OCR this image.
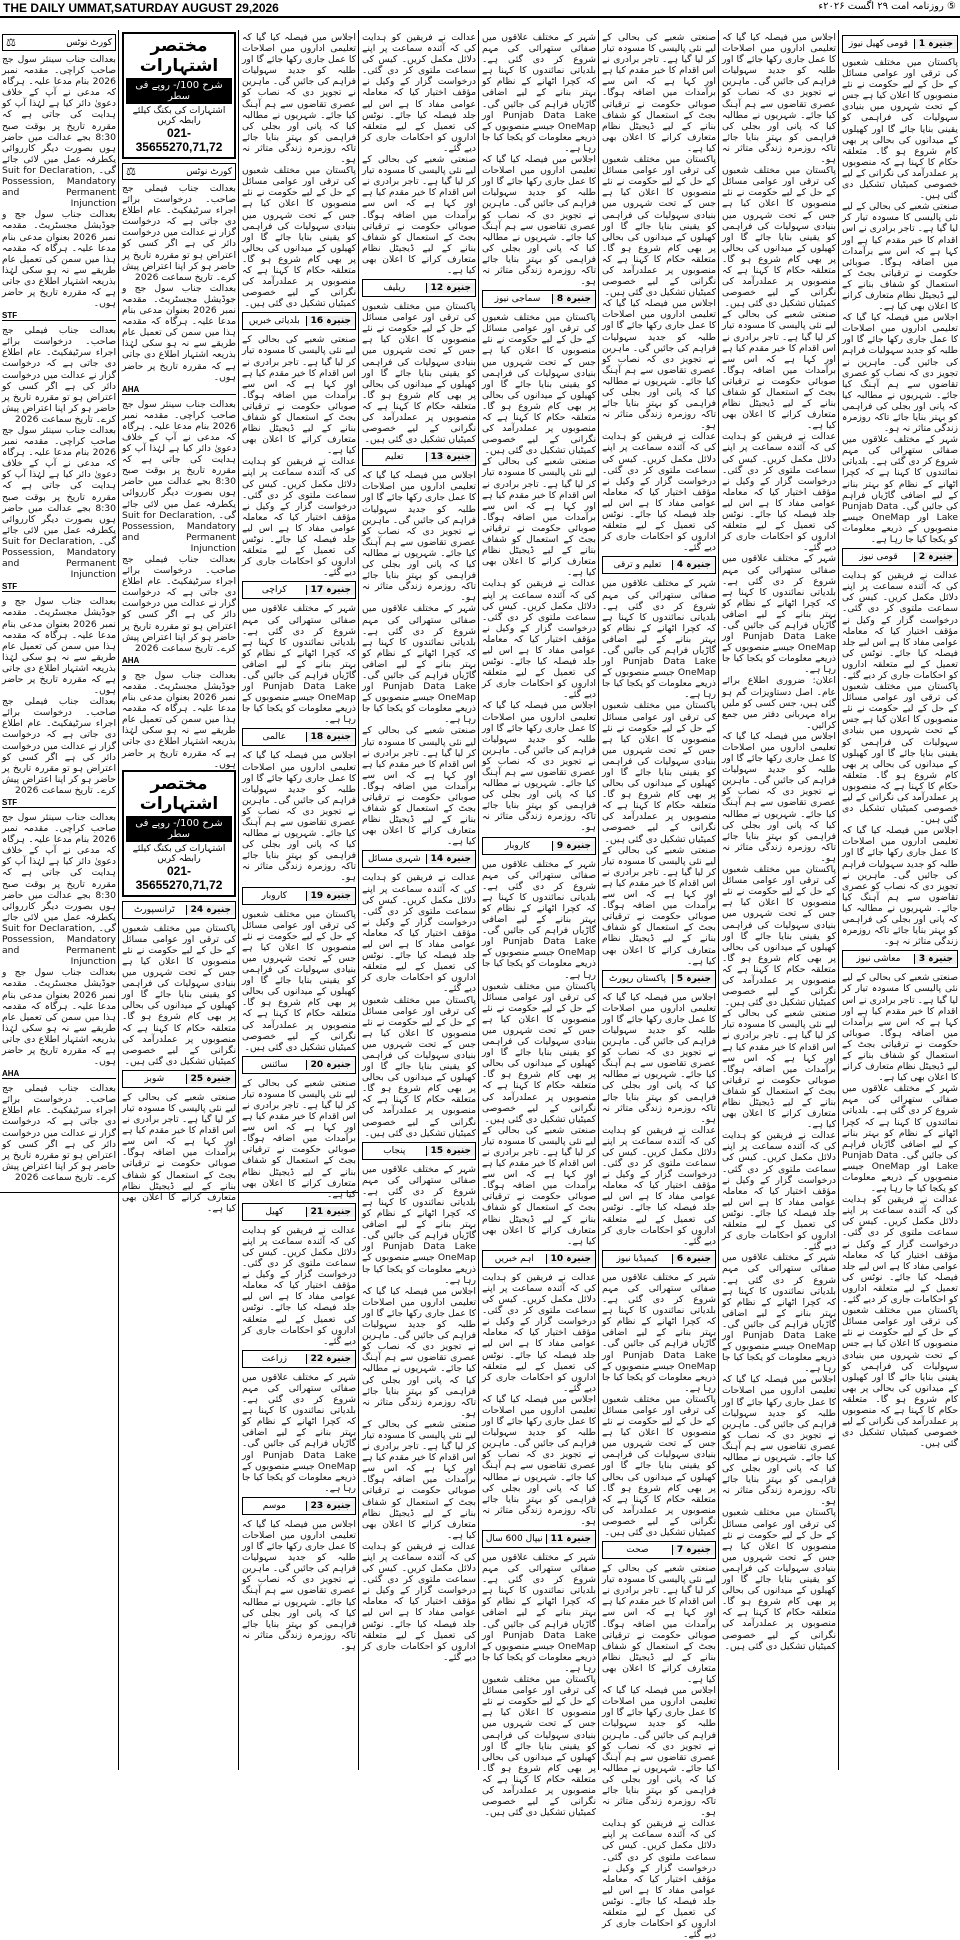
THE DAILY UMMAT,SATURDAY AUGUST 29,2026	⑤ روزنامہ امت ۲۹ اگست ۲۰۲۶ء
جنیرہ 1
قومی کھیل نیوز
پاکستان میں مختلف شعبوں کی ترقی اور عوامی مسائل کے حل کے لیے حکومت نے نئے منصوبوں کا اعلان کیا ہے جس کے تحت شہروں میں بنیادی سہولیات کی فراہمی کو یقینی بنایا جائے گا اور کھیلوں کے میدانوں کی بحالی پر بھی کام شروع ہو گا۔ متعلقہ حکام کا کہنا ہے کہ منصوبوں پر عملدرآمد کی نگرانی کے لیے خصوصی کمیٹیاں تشکیل دی گئی ہیں۔
صنعتی شعبے کی بحالی کے لیے نئی پالیسی کا مسودہ تیار کر لیا گیا ہے۔ تاجر برادری نے اس اقدام کا خیر مقدم کیا ہے اور کہا ہے کہ اس سے برآمدات میں اضافہ ہوگا۔ صوبائی حکومت نے ترقیاتی بجٹ کے استعمال کو شفاف بنانے کے لیے ڈیجیٹل نظام متعارف کرانے کا اعلان بھی کیا ہے۔
اجلاس میں فیصلہ کیا گیا کہ تعلیمی اداروں میں اصلاحات کا عمل جاری رکھا جائے گا اور طلبہ کو جدید سہولیات فراہم کی جائیں گی۔ ماہرین نے تجویز دی کہ نصاب کو عصری تقاضوں سے ہم آہنگ کیا جائے۔ شہریوں نے مطالبہ کیا کہ پانی اور بجلی کی فراہمی کو بہتر بنایا جائے تاکہ روزمرہ زندگی متاثر نہ ہو۔
شہر کے مختلف علاقوں میں صفائی ستھرائی کی مہم شروع کر دی گئی ہے۔ بلدیاتی نمائندوں کا کہنا ہے کہ کچرا اٹھانے کے نظام کو بہتر بنانے کے لیے اضافی گاڑیاں فراہم کی جائیں گی۔ Punjab Data Lake اور OneMap جیسے منصوبوں کے ذریعے معلومات کو یکجا کیا جا رہا ہے۔
جنیرہ 2
قومی نیوز
عدالت نے فریقین کو ہدایت کی کہ آئندہ سماعت پر اپنے دلائل مکمل کریں۔ کیس کی سماعت ملتوی کر دی گئی۔ درخواست گزار کے وکیل نے مؤقف اختیار کیا کہ معاملہ عوامی مفاد کا ہے اس لیے جلد فیصلہ کیا جائے۔ نوٹس کی تعمیل کے لیے متعلقہ اداروں کو احکامات جاری کر دیے گئے۔
پاکستان میں مختلف شعبوں کی ترقی اور عوامی مسائل کے حل کے لیے حکومت نے نئے منصوبوں کا اعلان کیا ہے جس کے تحت شہروں میں بنیادی سہولیات کی فراہمی کو یقینی بنایا جائے گا اور کھیلوں کے میدانوں کی بحالی پر بھی کام شروع ہو گا۔ متعلقہ حکام کا کہنا ہے کہ منصوبوں پر عملدرآمد کی نگرانی کے لیے خصوصی کمیٹیاں تشکیل دی گئی ہیں۔
اجلاس میں فیصلہ کیا گیا کہ تعلیمی اداروں میں اصلاحات کا عمل جاری رکھا جائے گا اور طلبہ کو جدید سہولیات فراہم کی جائیں گی۔ ماہرین نے تجویز دی کہ نصاب کو عصری تقاضوں سے ہم آہنگ کیا جائے۔ شہریوں نے مطالبہ کیا کہ پانی اور بجلی کی فراہمی کو بہتر بنایا جائے تاکہ روزمرہ زندگی متاثر نہ ہو۔
جنیرہ 3
معاشی نیوز
صنعتی شعبے کی بحالی کے لیے نئی پالیسی کا مسودہ تیار کر لیا گیا ہے۔ تاجر برادری نے اس اقدام کا خیر مقدم کیا ہے اور کہا ہے کہ اس سے برآمدات میں اضافہ ہوگا۔ صوبائی حکومت نے ترقیاتی بجٹ کے استعمال کو شفاف بنانے کے لیے ڈیجیٹل نظام متعارف کرانے کا اعلان بھی کیا ہے۔
شہر کے مختلف علاقوں میں صفائی ستھرائی کی مہم شروع کر دی گئی ہے۔ بلدیاتی نمائندوں کا کہنا ہے کہ کچرا اٹھانے کے نظام کو بہتر بنانے کے لیے اضافی گاڑیاں فراہم کی جائیں گی۔ Punjab Data Lake اور OneMap جیسے منصوبوں کے ذریعے معلومات کو یکجا کیا جا رہا ہے۔
عدالت نے فریقین کو ہدایت کی کہ آئندہ سماعت پر اپنے دلائل مکمل کریں۔ کیس کی سماعت ملتوی کر دی گئی۔ درخواست گزار کے وکیل نے مؤقف اختیار کیا کہ معاملہ عوامی مفاد کا ہے اس لیے جلد فیصلہ کیا جائے۔ نوٹس کی تعمیل کے لیے متعلقہ اداروں کو احکامات جاری کر دیے گئے۔
پاکستان میں مختلف شعبوں کی ترقی اور عوامی مسائل کے حل کے لیے حکومت نے نئے منصوبوں کا اعلان کیا ہے جس کے تحت شہروں میں بنیادی سہولیات کی فراہمی کو یقینی بنایا جائے گا اور کھیلوں کے میدانوں کی بحالی پر بھی کام شروع ہو گا۔ متعلقہ حکام کا کہنا ہے کہ منصوبوں پر عملدرآمد کی نگرانی کے لیے خصوصی کمیٹیاں تشکیل دی گئی ہیں۔
اجلاس میں فیصلہ کیا گیا کہ تعلیمی اداروں میں اصلاحات کا عمل جاری رکھا جائے گا اور طلبہ کو جدید سہولیات فراہم کی جائیں گی۔ ماہرین نے تجویز دی کہ نصاب کو عصری تقاضوں سے ہم آہنگ کیا جائے۔ شہریوں نے مطالبہ کیا کہ پانی اور بجلی کی فراہمی کو بہتر بنایا جائے تاکہ روزمرہ زندگی متاثر نہ ہو۔
پاکستان میں مختلف شعبوں کی ترقی اور عوامی مسائل کے حل کے لیے حکومت نے نئے منصوبوں کا اعلان کیا ہے جس کے تحت شہروں میں بنیادی سہولیات کی فراہمی کو یقینی بنایا جائے گا اور کھیلوں کے میدانوں کی بحالی پر بھی کام شروع ہو گا۔ متعلقہ حکام کا کہنا ہے کہ منصوبوں پر عملدرآمد کی نگرانی کے لیے خصوصی کمیٹیاں تشکیل دی گئی ہیں۔
صنعتی شعبے کی بحالی کے لیے نئی پالیسی کا مسودہ تیار کر لیا گیا ہے۔ تاجر برادری نے اس اقدام کا خیر مقدم کیا ہے اور کہا ہے کہ اس سے برآمدات میں اضافہ ہوگا۔ صوبائی حکومت نے ترقیاتی بجٹ کے استعمال کو شفاف بنانے کے لیے ڈیجیٹل نظام متعارف کرانے کا اعلان بھی کیا ہے۔
عدالت نے فریقین کو ہدایت کی کہ آئندہ سماعت پر اپنے دلائل مکمل کریں۔ کیس کی سماعت ملتوی کر دی گئی۔ درخواست گزار کے وکیل نے مؤقف اختیار کیا کہ معاملہ عوامی مفاد کا ہے اس لیے جلد فیصلہ کیا جائے۔ نوٹس کی تعمیل کے لیے متعلقہ اداروں کو احکامات جاری کر دیے گئے۔
شہر کے مختلف علاقوں میں صفائی ستھرائی کی مہم شروع کر دی گئی ہے۔ بلدیاتی نمائندوں کا کہنا ہے کہ کچرا اٹھانے کے نظام کو بہتر بنانے کے لیے اضافی گاڑیاں فراہم کی جائیں گی۔ Punjab Data Lake اور OneMap جیسے منصوبوں کے ذریعے معلومات کو یکجا کیا جا رہا ہے۔
اعلان: ضروری اطلاع برائے عام۔ اصل دستاویزات گم ہو گئی ہیں، جس کسی کو ملیں براہ مہربانی دفتر میں جمع کرائیں۔
اجلاس میں فیصلہ کیا گیا کہ تعلیمی اداروں میں اصلاحات کا عمل جاری رکھا جائے گا اور طلبہ کو جدید سہولیات فراہم کی جائیں گی۔ ماہرین نے تجویز دی کہ نصاب کو عصری تقاضوں سے ہم آہنگ کیا جائے۔ شہریوں نے مطالبہ کیا کہ پانی اور بجلی کی فراہمی کو بہتر بنایا جائے تاکہ روزمرہ زندگی متاثر نہ ہو۔
پاکستان میں مختلف شعبوں کی ترقی اور عوامی مسائل کے حل کے لیے حکومت نے نئے منصوبوں کا اعلان کیا ہے جس کے تحت شہروں میں بنیادی سہولیات کی فراہمی کو یقینی بنایا جائے گا اور کھیلوں کے میدانوں کی بحالی پر بھی کام شروع ہو گا۔ متعلقہ حکام کا کہنا ہے کہ منصوبوں پر عملدرآمد کی نگرانی کے لیے خصوصی کمیٹیاں تشکیل دی گئی ہیں۔
صنعتی شعبے کی بحالی کے لیے نئی پالیسی کا مسودہ تیار کر لیا گیا ہے۔ تاجر برادری نے اس اقدام کا خیر مقدم کیا ہے اور کہا ہے کہ اس سے برآمدات میں اضافہ ہوگا۔ صوبائی حکومت نے ترقیاتی بجٹ کے استعمال کو شفاف بنانے کے لیے ڈیجیٹل نظام متعارف کرانے کا اعلان بھی کیا ہے۔
عدالت نے فریقین کو ہدایت کی کہ آئندہ سماعت پر اپنے دلائل مکمل کریں۔ کیس کی سماعت ملتوی کر دی گئی۔ درخواست گزار کے وکیل نے مؤقف اختیار کیا کہ معاملہ عوامی مفاد کا ہے اس لیے جلد فیصلہ کیا جائے۔ نوٹس کی تعمیل کے لیے متعلقہ اداروں کو احکامات جاری کر دیے گئے۔
شہر کے مختلف علاقوں میں صفائی ستھرائی کی مہم شروع کر دی گئی ہے۔ بلدیاتی نمائندوں کا کہنا ہے کہ کچرا اٹھانے کے نظام کو بہتر بنانے کے لیے اضافی گاڑیاں فراہم کی جائیں گی۔ Punjab Data Lake اور OneMap جیسے منصوبوں کے ذریعے معلومات کو یکجا کیا جا رہا ہے۔
اجلاس میں فیصلہ کیا گیا کہ تعلیمی اداروں میں اصلاحات کا عمل جاری رکھا جائے گا اور طلبہ کو جدید سہولیات فراہم کی جائیں گی۔ ماہرین نے تجویز دی کہ نصاب کو عصری تقاضوں سے ہم آہنگ کیا جائے۔ شہریوں نے مطالبہ کیا کہ پانی اور بجلی کی فراہمی کو بہتر بنایا جائے تاکہ روزمرہ زندگی متاثر نہ ہو۔
پاکستان میں مختلف شعبوں کی ترقی اور عوامی مسائل کے حل کے لیے حکومت نے نئے منصوبوں کا اعلان کیا ہے جس کے تحت شہروں میں بنیادی سہولیات کی فراہمی کو یقینی بنایا جائے گا اور کھیلوں کے میدانوں کی بحالی پر بھی کام شروع ہو گا۔ متعلقہ حکام کا کہنا ہے کہ منصوبوں پر عملدرآمد کی نگرانی کے لیے خصوصی کمیٹیاں تشکیل دی گئی ہیں۔
صنعتی شعبے کی بحالی کے لیے نئی پالیسی کا مسودہ تیار کر لیا گیا ہے۔ تاجر برادری نے اس اقدام کا خیر مقدم کیا ہے اور کہا ہے کہ اس سے برآمدات میں اضافہ ہوگا۔ صوبائی حکومت نے ترقیاتی بجٹ کے استعمال کو شفاف بنانے کے لیے ڈیجیٹل نظام متعارف کرانے کا اعلان بھی کیا ہے۔
پاکستان میں مختلف شعبوں کی ترقی اور عوامی مسائل کے حل کے لیے حکومت نے نئے منصوبوں کا اعلان کیا ہے جس کے تحت شہروں میں بنیادی سہولیات کی فراہمی کو یقینی بنایا جائے گا اور کھیلوں کے میدانوں کی بحالی پر بھی کام شروع ہو گا۔ متعلقہ حکام کا کہنا ہے کہ منصوبوں پر عملدرآمد کی نگرانی کے لیے خصوصی کمیٹیاں تشکیل دی گئی ہیں۔
اجلاس میں فیصلہ کیا گیا کہ تعلیمی اداروں میں اصلاحات کا عمل جاری رکھا جائے گا اور طلبہ کو جدید سہولیات فراہم کی جائیں گی۔ ماہرین نے تجویز دی کہ نصاب کو عصری تقاضوں سے ہم آہنگ کیا جائے۔ شہریوں نے مطالبہ کیا کہ پانی اور بجلی کی فراہمی کو بہتر بنایا جائے تاکہ روزمرہ زندگی متاثر نہ ہو۔
عدالت نے فریقین کو ہدایت کی کہ آئندہ سماعت پر اپنے دلائل مکمل کریں۔ کیس کی سماعت ملتوی کر دی گئی۔ درخواست گزار کے وکیل نے مؤقف اختیار کیا کہ معاملہ عوامی مفاد کا ہے اس لیے جلد فیصلہ کیا جائے۔ نوٹس کی تعمیل کے لیے متعلقہ اداروں کو احکامات جاری کر دیے گئے۔
جنیرہ 4
تعلیم و ترقی
شہر کے مختلف علاقوں میں صفائی ستھرائی کی مہم شروع کر دی گئی ہے۔ بلدیاتی نمائندوں کا کہنا ہے کہ کچرا اٹھانے کے نظام کو بہتر بنانے کے لیے اضافی گاڑیاں فراہم کی جائیں گی۔ Punjab Data Lake اور OneMap جیسے منصوبوں کے ذریعے معلومات کو یکجا کیا جا رہا ہے۔
پاکستان میں مختلف شعبوں کی ترقی اور عوامی مسائل کے حل کے لیے حکومت نے نئے منصوبوں کا اعلان کیا ہے جس کے تحت شہروں میں بنیادی سہولیات کی فراہمی کو یقینی بنایا جائے گا اور کھیلوں کے میدانوں کی بحالی پر بھی کام شروع ہو گا۔ متعلقہ حکام کا کہنا ہے کہ منصوبوں پر عملدرآمد کی نگرانی کے لیے خصوصی کمیٹیاں تشکیل دی گئی ہیں۔
صنعتی شعبے کی بحالی کے لیے نئی پالیسی کا مسودہ تیار کر لیا گیا ہے۔ تاجر برادری نے اس اقدام کا خیر مقدم کیا ہے اور کہا ہے کہ اس سے برآمدات میں اضافہ ہوگا۔ صوبائی حکومت نے ترقیاتی بجٹ کے استعمال کو شفاف بنانے کے لیے ڈیجیٹل نظام متعارف کرانے کا اعلان بھی کیا ہے۔
جنیرہ 5
پاکستان رپورٹ
اجلاس میں فیصلہ کیا گیا کہ تعلیمی اداروں میں اصلاحات کا عمل جاری رکھا جائے گا اور طلبہ کو جدید سہولیات فراہم کی جائیں گی۔ ماہرین نے تجویز دی کہ نصاب کو عصری تقاضوں سے ہم آہنگ کیا جائے۔ شہریوں نے مطالبہ کیا کہ پانی اور بجلی کی فراہمی کو بہتر بنایا جائے تاکہ روزمرہ زندگی متاثر نہ ہو۔
عدالت نے فریقین کو ہدایت کی کہ آئندہ سماعت پر اپنے دلائل مکمل کریں۔ کیس کی سماعت ملتوی کر دی گئی۔ درخواست گزار کے وکیل نے مؤقف اختیار کیا کہ معاملہ عوامی مفاد کا ہے اس لیے جلد فیصلہ کیا جائے۔ نوٹس کی تعمیل کے لیے متعلقہ اداروں کو احکامات جاری کر دیے گئے۔
جنیرہ 6
کیمیڈیا نیوز
شہر کے مختلف علاقوں میں صفائی ستھرائی کی مہم شروع کر دی گئی ہے۔ بلدیاتی نمائندوں کا کہنا ہے کہ کچرا اٹھانے کے نظام کو بہتر بنانے کے لیے اضافی گاڑیاں فراہم کی جائیں گی۔ Punjab Data Lake اور OneMap جیسے منصوبوں کے ذریعے معلومات کو یکجا کیا جا رہا ہے۔
پاکستان میں مختلف شعبوں کی ترقی اور عوامی مسائل کے حل کے لیے حکومت نے نئے منصوبوں کا اعلان کیا ہے جس کے تحت شہروں میں بنیادی سہولیات کی فراہمی کو یقینی بنایا جائے گا اور کھیلوں کے میدانوں کی بحالی پر بھی کام شروع ہو گا۔ متعلقہ حکام کا کہنا ہے کہ منصوبوں پر عملدرآمد کی نگرانی کے لیے خصوصی کمیٹیاں تشکیل دی گئی ہیں۔
جنیرہ 7
صحت
صنعتی شعبے کی بحالی کے لیے نئی پالیسی کا مسودہ تیار کر لیا گیا ہے۔ تاجر برادری نے اس اقدام کا خیر مقدم کیا ہے اور کہا ہے کہ اس سے برآمدات میں اضافہ ہوگا۔ صوبائی حکومت نے ترقیاتی بجٹ کے استعمال کو شفاف بنانے کے لیے ڈیجیٹل نظام متعارف کرانے کا اعلان بھی کیا ہے۔
اجلاس میں فیصلہ کیا گیا کہ تعلیمی اداروں میں اصلاحات کا عمل جاری رکھا جائے گا اور طلبہ کو جدید سہولیات فراہم کی جائیں گی۔ ماہرین نے تجویز دی کہ نصاب کو عصری تقاضوں سے ہم آہنگ کیا جائے۔ شہریوں نے مطالبہ کیا کہ پانی اور بجلی کی فراہمی کو بہتر بنایا جائے تاکہ روزمرہ زندگی متاثر نہ ہو۔
عدالت نے فریقین کو ہدایت کی کہ آئندہ سماعت پر اپنے دلائل مکمل کریں۔ کیس کی سماعت ملتوی کر دی گئی۔ درخواست گزار کے وکیل نے مؤقف اختیار کیا کہ معاملہ عوامی مفاد کا ہے اس لیے جلد فیصلہ کیا جائے۔ نوٹس کی تعمیل کے لیے متعلقہ اداروں کو احکامات جاری کر دیے گئے۔
شہر کے مختلف علاقوں میں صفائی ستھرائی کی مہم شروع کر دی گئی ہے۔ بلدیاتی نمائندوں کا کہنا ہے کہ کچرا اٹھانے کے نظام کو بہتر بنانے کے لیے اضافی گاڑیاں فراہم کی جائیں گی۔ Punjab Data Lake اور OneMap جیسے منصوبوں کے ذریعے معلومات کو یکجا کیا جا رہا ہے۔
اجلاس میں فیصلہ کیا گیا کہ تعلیمی اداروں میں اصلاحات کا عمل جاری رکھا جائے گا اور طلبہ کو جدید سہولیات فراہم کی جائیں گی۔ ماہرین نے تجویز دی کہ نصاب کو عصری تقاضوں سے ہم آہنگ کیا جائے۔ شہریوں نے مطالبہ کیا کہ پانی اور بجلی کی فراہمی کو بہتر بنایا جائے تاکہ روزمرہ زندگی متاثر نہ ہو۔
جنیرہ 8
سماجی نیوز
پاکستان میں مختلف شعبوں کی ترقی اور عوامی مسائل کے حل کے لیے حکومت نے نئے منصوبوں کا اعلان کیا ہے جس کے تحت شہروں میں بنیادی سہولیات کی فراہمی کو یقینی بنایا جائے گا اور کھیلوں کے میدانوں کی بحالی پر بھی کام شروع ہو گا۔ متعلقہ حکام کا کہنا ہے کہ منصوبوں پر عملدرآمد کی نگرانی کے لیے خصوصی کمیٹیاں تشکیل دی گئی ہیں۔
صنعتی شعبے کی بحالی کے لیے نئی پالیسی کا مسودہ تیار کر لیا گیا ہے۔ تاجر برادری نے اس اقدام کا خیر مقدم کیا ہے اور کہا ہے کہ اس سے برآمدات میں اضافہ ہوگا۔ صوبائی حکومت نے ترقیاتی بجٹ کے استعمال کو شفاف بنانے کے لیے ڈیجیٹل نظام متعارف کرانے کا اعلان بھی کیا ہے۔
عدالت نے فریقین کو ہدایت کی کہ آئندہ سماعت پر اپنے دلائل مکمل کریں۔ کیس کی سماعت ملتوی کر دی گئی۔ درخواست گزار کے وکیل نے مؤقف اختیار کیا کہ معاملہ عوامی مفاد کا ہے اس لیے جلد فیصلہ کیا جائے۔ نوٹس کی تعمیل کے لیے متعلقہ اداروں کو احکامات جاری کر دیے گئے۔
اجلاس میں فیصلہ کیا گیا کہ تعلیمی اداروں میں اصلاحات کا عمل جاری رکھا جائے گا اور طلبہ کو جدید سہولیات فراہم کی جائیں گی۔ ماہرین نے تجویز دی کہ نصاب کو عصری تقاضوں سے ہم آہنگ کیا جائے۔ شہریوں نے مطالبہ کیا کہ پانی اور بجلی کی فراہمی کو بہتر بنایا جائے تاکہ روزمرہ زندگی متاثر نہ ہو۔
جنیرہ 9
کاروبار
شہر کے مختلف علاقوں میں صفائی ستھرائی کی مہم شروع کر دی گئی ہے۔ بلدیاتی نمائندوں کا کہنا ہے کہ کچرا اٹھانے کے نظام کو بہتر بنانے کے لیے اضافی گاڑیاں فراہم کی جائیں گی۔ Punjab Data Lake اور OneMap جیسے منصوبوں کے ذریعے معلومات کو یکجا کیا جا رہا ہے۔
پاکستان میں مختلف شعبوں کی ترقی اور عوامی مسائل کے حل کے لیے حکومت نے نئے منصوبوں کا اعلان کیا ہے جس کے تحت شہروں میں بنیادی سہولیات کی فراہمی کو یقینی بنایا جائے گا اور کھیلوں کے میدانوں کی بحالی پر بھی کام شروع ہو گا۔ متعلقہ حکام کا کہنا ہے کہ منصوبوں پر عملدرآمد کی نگرانی کے لیے خصوصی کمیٹیاں تشکیل دی گئی ہیں۔
صنعتی شعبے کی بحالی کے لیے نئی پالیسی کا مسودہ تیار کر لیا گیا ہے۔ تاجر برادری نے اس اقدام کا خیر مقدم کیا ہے اور کہا ہے کہ اس سے برآمدات میں اضافہ ہوگا۔ صوبائی حکومت نے ترقیاتی بجٹ کے استعمال کو شفاف بنانے کے لیے ڈیجیٹل نظام متعارف کرانے کا اعلان بھی کیا ہے۔
جنیرہ 10
اہم خبریں
عدالت نے فریقین کو ہدایت کی کہ آئندہ سماعت پر اپنے دلائل مکمل کریں۔ کیس کی سماعت ملتوی کر دی گئی۔ درخواست گزار کے وکیل نے مؤقف اختیار کیا کہ معاملہ عوامی مفاد کا ہے اس لیے جلد فیصلہ کیا جائے۔ نوٹس کی تعمیل کے لیے متعلقہ اداروں کو احکامات جاری کر دیے گئے۔
اجلاس میں فیصلہ کیا گیا کہ تعلیمی اداروں میں اصلاحات کا عمل جاری رکھا جائے گا اور طلبہ کو جدید سہولیات فراہم کی جائیں گی۔ ماہرین نے تجویز دی کہ نصاب کو عصری تقاضوں سے ہم آہنگ کیا جائے۔ شہریوں نے مطالبہ کیا کہ پانی اور بجلی کی فراہمی کو بہتر بنایا جائے تاکہ روزمرہ زندگی متاثر نہ ہو۔
جنیرہ 11
نیپال 600 سال
شہر کے مختلف علاقوں میں صفائی ستھرائی کی مہم شروع کر دی گئی ہے۔ بلدیاتی نمائندوں کا کہنا ہے کہ کچرا اٹھانے کے نظام کو بہتر بنانے کے لیے اضافی گاڑیاں فراہم کی جائیں گی۔ Punjab Data Lake اور OneMap جیسے منصوبوں کے ذریعے معلومات کو یکجا کیا جا رہا ہے۔
پاکستان میں مختلف شعبوں کی ترقی اور عوامی مسائل کے حل کے لیے حکومت نے نئے منصوبوں کا اعلان کیا ہے جس کے تحت شہروں میں بنیادی سہولیات کی فراہمی کو یقینی بنایا جائے گا اور کھیلوں کے میدانوں کی بحالی پر بھی کام شروع ہو گا۔ متعلقہ حکام کا کہنا ہے کہ منصوبوں پر عملدرآمد کی نگرانی کے لیے خصوصی کمیٹیاں تشکیل دی گئی ہیں۔
عدالت نے فریقین کو ہدایت کی کہ آئندہ سماعت پر اپنے دلائل مکمل کریں۔ کیس کی سماعت ملتوی کر دی گئی۔ درخواست گزار کے وکیل نے مؤقف اختیار کیا کہ معاملہ عوامی مفاد کا ہے اس لیے جلد فیصلہ کیا جائے۔ نوٹس کی تعمیل کے لیے متعلقہ اداروں کو احکامات جاری کر دیے گئے۔
صنعتی شعبے کی بحالی کے لیے نئی پالیسی کا مسودہ تیار کر لیا گیا ہے۔ تاجر برادری نے اس اقدام کا خیر مقدم کیا ہے اور کہا ہے کہ اس سے برآمدات میں اضافہ ہوگا۔ صوبائی حکومت نے ترقیاتی بجٹ کے استعمال کو شفاف بنانے کے لیے ڈیجیٹل نظام متعارف کرانے کا اعلان بھی کیا ہے۔
جنیرہ 12
ریلیف
پاکستان میں مختلف شعبوں کی ترقی اور عوامی مسائل کے حل کے لیے حکومت نے نئے منصوبوں کا اعلان کیا ہے جس کے تحت شہروں میں بنیادی سہولیات کی فراہمی کو یقینی بنایا جائے گا اور کھیلوں کے میدانوں کی بحالی پر بھی کام شروع ہو گا۔ متعلقہ حکام کا کہنا ہے کہ منصوبوں پر عملدرآمد کی نگرانی کے لیے خصوصی کمیٹیاں تشکیل دی گئی ہیں۔
جنیرہ 13
تعلیم
اجلاس میں فیصلہ کیا گیا کہ تعلیمی اداروں میں اصلاحات کا عمل جاری رکھا جائے گا اور طلبہ کو جدید سہولیات فراہم کی جائیں گی۔ ماہرین نے تجویز دی کہ نصاب کو عصری تقاضوں سے ہم آہنگ کیا جائے۔ شہریوں نے مطالبہ کیا کہ پانی اور بجلی کی فراہمی کو بہتر بنایا جائے تاکہ روزمرہ زندگی متاثر نہ ہو۔
شہر کے مختلف علاقوں میں صفائی ستھرائی کی مہم شروع کر دی گئی ہے۔ بلدیاتی نمائندوں کا کہنا ہے کہ کچرا اٹھانے کے نظام کو بہتر بنانے کے لیے اضافی گاڑیاں فراہم کی جائیں گی۔ Punjab Data Lake اور OneMap جیسے منصوبوں کے ذریعے معلومات کو یکجا کیا جا رہا ہے۔
صنعتی شعبے کی بحالی کے لیے نئی پالیسی کا مسودہ تیار کر لیا گیا ہے۔ تاجر برادری نے اس اقدام کا خیر مقدم کیا ہے اور کہا ہے کہ اس سے برآمدات میں اضافہ ہوگا۔ صوبائی حکومت نے ترقیاتی بجٹ کے استعمال کو شفاف بنانے کے لیے ڈیجیٹل نظام متعارف کرانے کا اعلان بھی کیا ہے۔
جنیرہ 14
شہری مسائل
عدالت نے فریقین کو ہدایت کی کہ آئندہ سماعت پر اپنے دلائل مکمل کریں۔ کیس کی سماعت ملتوی کر دی گئی۔ درخواست گزار کے وکیل نے مؤقف اختیار کیا کہ معاملہ عوامی مفاد کا ہے اس لیے جلد فیصلہ کیا جائے۔ نوٹس کی تعمیل کے لیے متعلقہ اداروں کو احکامات جاری کر دیے گئے۔
پاکستان میں مختلف شعبوں کی ترقی اور عوامی مسائل کے حل کے لیے حکومت نے نئے منصوبوں کا اعلان کیا ہے جس کے تحت شہروں میں بنیادی سہولیات کی فراہمی کو یقینی بنایا جائے گا اور کھیلوں کے میدانوں کی بحالی پر بھی کام شروع ہو گا۔ متعلقہ حکام کا کہنا ہے کہ منصوبوں پر عملدرآمد کی نگرانی کے لیے خصوصی کمیٹیاں تشکیل دی گئی ہیں۔
جنیرہ 15
پنجاب
شہر کے مختلف علاقوں میں صفائی ستھرائی کی مہم شروع کر دی گئی ہے۔ بلدیاتی نمائندوں کا کہنا ہے کہ کچرا اٹھانے کے نظام کو بہتر بنانے کے لیے اضافی گاڑیاں فراہم کی جائیں گی۔ Punjab Data Lake اور OneMap جیسے منصوبوں کے ذریعے معلومات کو یکجا کیا جا رہا ہے۔
اجلاس میں فیصلہ کیا گیا کہ تعلیمی اداروں میں اصلاحات کا عمل جاری رکھا جائے گا اور طلبہ کو جدید سہولیات فراہم کی جائیں گی۔ ماہرین نے تجویز دی کہ نصاب کو عصری تقاضوں سے ہم آہنگ کیا جائے۔ شہریوں نے مطالبہ کیا کہ پانی اور بجلی کی فراہمی کو بہتر بنایا جائے تاکہ روزمرہ زندگی متاثر نہ ہو۔
صنعتی شعبے کی بحالی کے لیے نئی پالیسی کا مسودہ تیار کر لیا گیا ہے۔ تاجر برادری نے اس اقدام کا خیر مقدم کیا ہے اور کہا ہے کہ اس سے برآمدات میں اضافہ ہوگا۔ صوبائی حکومت نے ترقیاتی بجٹ کے استعمال کو شفاف بنانے کے لیے ڈیجیٹل نظام متعارف کرانے کا اعلان بھی کیا ہے۔
عدالت نے فریقین کو ہدایت کی کہ آئندہ سماعت پر اپنے دلائل مکمل کریں۔ کیس کی سماعت ملتوی کر دی گئی۔ درخواست گزار کے وکیل نے مؤقف اختیار کیا کہ معاملہ عوامی مفاد کا ہے اس لیے جلد فیصلہ کیا جائے۔ نوٹس کی تعمیل کے لیے متعلقہ اداروں کو احکامات جاری کر دیے گئے۔
اجلاس میں فیصلہ کیا گیا کہ تعلیمی اداروں میں اصلاحات کا عمل جاری رکھا جائے گا اور طلبہ کو جدید سہولیات فراہم کی جائیں گی۔ ماہرین نے تجویز دی کہ نصاب کو عصری تقاضوں سے ہم آہنگ کیا جائے۔ شہریوں نے مطالبہ کیا کہ پانی اور بجلی کی فراہمی کو بہتر بنایا جائے تاکہ روزمرہ زندگی متاثر نہ ہو۔
پاکستان میں مختلف شعبوں کی ترقی اور عوامی مسائل کے حل کے لیے حکومت نے نئے منصوبوں کا اعلان کیا ہے جس کے تحت شہروں میں بنیادی سہولیات کی فراہمی کو یقینی بنایا جائے گا اور کھیلوں کے میدانوں کی بحالی پر بھی کام شروع ہو گا۔ متعلقہ حکام کا کہنا ہے کہ منصوبوں پر عملدرآمد کی نگرانی کے لیے خصوصی کمیٹیاں تشکیل دی گئی ہیں۔
جنیرہ 16
بلدیاتی خبریں
صنعتی شعبے کی بحالی کے لیے نئی پالیسی کا مسودہ تیار کر لیا گیا ہے۔ تاجر برادری نے اس اقدام کا خیر مقدم کیا ہے اور کہا ہے کہ اس سے برآمدات میں اضافہ ہوگا۔ صوبائی حکومت نے ترقیاتی بجٹ کے استعمال کو شفاف بنانے کے لیے ڈیجیٹل نظام متعارف کرانے کا اعلان بھی کیا ہے۔
عدالت نے فریقین کو ہدایت کی کہ آئندہ سماعت پر اپنے دلائل مکمل کریں۔ کیس کی سماعت ملتوی کر دی گئی۔ درخواست گزار کے وکیل نے مؤقف اختیار کیا کہ معاملہ عوامی مفاد کا ہے اس لیے جلد فیصلہ کیا جائے۔ نوٹس کی تعمیل کے لیے متعلقہ اداروں کو احکامات جاری کر دیے گئے۔
جنیرہ 17
کراچی
شہر کے مختلف علاقوں میں صفائی ستھرائی کی مہم شروع کر دی گئی ہے۔ بلدیاتی نمائندوں کا کہنا ہے کہ کچرا اٹھانے کے نظام کو بہتر بنانے کے لیے اضافی گاڑیاں فراہم کی جائیں گی۔ Punjab Data Lake اور OneMap جیسے منصوبوں کے ذریعے معلومات کو یکجا کیا جا رہا ہے۔
جنیرہ 18
عالمی
اجلاس میں فیصلہ کیا گیا کہ تعلیمی اداروں میں اصلاحات کا عمل جاری رکھا جائے گا اور طلبہ کو جدید سہولیات فراہم کی جائیں گی۔ ماہرین نے تجویز دی کہ نصاب کو عصری تقاضوں سے ہم آہنگ کیا جائے۔ شہریوں نے مطالبہ کیا کہ پانی اور بجلی کی فراہمی کو بہتر بنایا جائے تاکہ روزمرہ زندگی متاثر نہ ہو۔
جنیرہ 19
کاروبار
پاکستان میں مختلف شعبوں کی ترقی اور عوامی مسائل کے حل کے لیے حکومت نے نئے منصوبوں کا اعلان کیا ہے جس کے تحت شہروں میں بنیادی سہولیات کی فراہمی کو یقینی بنایا جائے گا اور کھیلوں کے میدانوں کی بحالی پر بھی کام شروع ہو گا۔ متعلقہ حکام کا کہنا ہے کہ منصوبوں پر عملدرآمد کی نگرانی کے لیے خصوصی کمیٹیاں تشکیل دی گئی ہیں۔
جنیرہ 20
سائنس
صنعتی شعبے کی بحالی کے لیے نئی پالیسی کا مسودہ تیار کر لیا گیا ہے۔ تاجر برادری نے اس اقدام کا خیر مقدم کیا ہے اور کہا ہے کہ اس سے برآمدات میں اضافہ ہوگا۔ صوبائی حکومت نے ترقیاتی بجٹ کے استعمال کو شفاف بنانے کے لیے ڈیجیٹل نظام متعارف کرانے کا اعلان بھی کیا ہے۔
جنیرہ 21
کھیل
عدالت نے فریقین کو ہدایت کی کہ آئندہ سماعت پر اپنے دلائل مکمل کریں۔ کیس کی سماعت ملتوی کر دی گئی۔ درخواست گزار کے وکیل نے مؤقف اختیار کیا کہ معاملہ عوامی مفاد کا ہے اس لیے جلد فیصلہ کیا جائے۔ نوٹس کی تعمیل کے لیے متعلقہ اداروں کو احکامات جاری کر دیے گئے۔
جنیرہ 22
زراعت
شہر کے مختلف علاقوں میں صفائی ستھرائی کی مہم شروع کر دی گئی ہے۔ بلدیاتی نمائندوں کا کہنا ہے کہ کچرا اٹھانے کے نظام کو بہتر بنانے کے لیے اضافی گاڑیاں فراہم کی جائیں گی۔ Punjab Data Lake اور OneMap جیسے منصوبوں کے ذریعے معلومات کو یکجا کیا جا رہا ہے۔
جنیرہ 23
موسم
اجلاس میں فیصلہ کیا گیا کہ تعلیمی اداروں میں اصلاحات کا عمل جاری رکھا جائے گا اور طلبہ کو جدید سہولیات فراہم کی جائیں گی۔ ماہرین نے تجویز دی کہ نصاب کو عصری تقاضوں سے ہم آہنگ کیا جائے۔ شہریوں نے مطالبہ کیا کہ پانی اور بجلی کی فراہمی کو بہتر بنایا جائے تاکہ روزمرہ زندگی متاثر نہ ہو۔
مختصر اشتہارات
شرح 100/- روپے فی سطر
اشتہارات کی بکنگ کیلئے رابطہ کریں
021-35655270,71,72
⚖	کورٹ نوٹس
بعدالت جناب فیملی جج صاحب۔ درخواست برائے اجراء سرٹیفکیٹ۔ عام اطلاع دی جاتی ہے کہ درخواست گزار نے عدالت میں درخواست دائر کی ہے اگر کسی کو اعتراض ہو تو مقررہ تاریخ پر حاضر ہو کر اپنا اعتراض پیش کرے۔ تاریخ سماعت 2026
بعدالت جناب سول جج و جوڈیشل مجسٹریٹ۔ مقدمہ نمبر 2026 بعنوان مدعی بنام مدعا علیہ۔ ہرگاہ کہ مقدمہ ہذا میں سمن کی تعمیل عام طریقے سے نہ ہو سکی لہٰذا بذریعہ اشتہار اطلاع دی جاتی ہے کہ مقررہ تاریخ پر حاضر ہوں۔
AHA
بعدالت جناب سینئر سول جج صاحب کراچی۔ مقدمہ نمبر 2026 بنام مدعا علیہ۔ ہرگاہ کہ مدعی نے آپ کے خلاف دعویٰ دائر کیا ہے لہٰذا آپ کو ہدایت کی جاتی ہے کہ مقررہ تاریخ پر بوقت صبح 8:30 بجے عدالت میں حاضر ہوں بصورت دیگر کارروائی یکطرفہ عمل میں لائی جائے گی۔ Suit for Declaration, Possession, Mandatory and Permanent Injunction
بعدالت جناب فیملی جج صاحب۔ درخواست برائے اجراء سرٹیفکیٹ۔ عام اطلاع دی جاتی ہے کہ درخواست گزار نے عدالت میں درخواست دائر کی ہے اگر کسی کو اعتراض ہو تو مقررہ تاریخ پر حاضر ہو کر اپنا اعتراض پیش کرے۔ تاریخ سماعت 2026
AHA
بعدالت جناب سول جج و جوڈیشل مجسٹریٹ۔ مقدمہ نمبر 2026 بعنوان مدعی بنام مدعا علیہ۔ ہرگاہ کہ مقدمہ ہذا میں سمن کی تعمیل عام طریقے سے نہ ہو سکی لہٰذا بذریعہ اشتہار اطلاع دی جاتی ہے کہ مقررہ تاریخ پر حاضر ہوں۔
مختصر اشتہارات
شرح 100/- روپے فی سطر
اشتہارات کی بکنگ کیلئے رابطہ کریں
021-35655270,71,72
جنیرہ 24
ٹرانسپورٹ
پاکستان میں مختلف شعبوں کی ترقی اور عوامی مسائل کے حل کے لیے حکومت نے نئے منصوبوں کا اعلان کیا ہے جس کے تحت شہروں میں بنیادی سہولیات کی فراہمی کو یقینی بنایا جائے گا اور کھیلوں کے میدانوں کی بحالی پر بھی کام شروع ہو گا۔ متعلقہ حکام کا کہنا ہے کہ منصوبوں پر عملدرآمد کی نگرانی کے لیے خصوصی کمیٹیاں تشکیل دی گئی ہیں۔
جنیرہ 25
شوبز
صنعتی شعبے کی بحالی کے لیے نئی پالیسی کا مسودہ تیار کر لیا گیا ہے۔ تاجر برادری نے اس اقدام کا خیر مقدم کیا ہے اور کہا ہے کہ اس سے برآمدات میں اضافہ ہوگا۔ صوبائی حکومت نے ترقیاتی بجٹ کے استعمال کو شفاف بنانے کے لیے ڈیجیٹل نظام متعارف کرانے کا اعلان بھی کیا ہے۔
⚖	کورٹ نوٹس
بعدالت جناب سینئر سول جج صاحب کراچی۔ مقدمہ نمبر 2026 بنام مدعا علیہ۔ ہرگاہ کہ مدعی نے آپ کے خلاف دعویٰ دائر کیا ہے لہٰذا آپ کو ہدایت کی جاتی ہے کہ مقررہ تاریخ پر بوقت صبح 8:30 بجے عدالت میں حاضر ہوں بصورت دیگر کارروائی یکطرفہ عمل میں لائی جائے گی۔ Suit for Declaration, Possession, Mandatory and Permanent Injunction
بعدالت جناب سول جج و جوڈیشل مجسٹریٹ۔ مقدمہ نمبر 2026 بعنوان مدعی بنام مدعا علیہ۔ ہرگاہ کہ مقدمہ ہذا میں سمن کی تعمیل عام طریقے سے نہ ہو سکی لہٰذا بذریعہ اشتہار اطلاع دی جاتی ہے کہ مقررہ تاریخ پر حاضر ہوں۔
STF
بعدالت جناب فیملی جج صاحب۔ درخواست برائے اجراء سرٹیفکیٹ۔ عام اطلاع دی جاتی ہے کہ درخواست گزار نے عدالت میں درخواست دائر کی ہے اگر کسی کو اعتراض ہو تو مقررہ تاریخ پر حاضر ہو کر اپنا اعتراض پیش کرے۔ تاریخ سماعت 2026
بعدالت جناب سینئر سول جج صاحب کراچی۔ مقدمہ نمبر 2026 بنام مدعا علیہ۔ ہرگاہ کہ مدعی نے آپ کے خلاف دعویٰ دائر کیا ہے لہٰذا آپ کو ہدایت کی جاتی ہے کہ مقررہ تاریخ پر بوقت صبح 8:30 بجے عدالت میں حاضر ہوں بصورت دیگر کارروائی یکطرفہ عمل میں لائی جائے گی۔ Suit for Declaration, Possession, Mandatory and Permanent Injunction
STF
بعدالت جناب سول جج و جوڈیشل مجسٹریٹ۔ مقدمہ نمبر 2026 بعنوان مدعی بنام مدعا علیہ۔ ہرگاہ کہ مقدمہ ہذا میں سمن کی تعمیل عام طریقے سے نہ ہو سکی لہٰذا بذریعہ اشتہار اطلاع دی جاتی ہے کہ مقررہ تاریخ پر حاضر ہوں۔
بعدالت جناب فیملی جج صاحب۔ درخواست برائے اجراء سرٹیفکیٹ۔ عام اطلاع دی جاتی ہے کہ درخواست گزار نے عدالت میں درخواست دائر کی ہے اگر کسی کو اعتراض ہو تو مقررہ تاریخ پر حاضر ہو کر اپنا اعتراض پیش کرے۔ تاریخ سماعت 2026
STF
بعدالت جناب سینئر سول جج صاحب کراچی۔ مقدمہ نمبر 2026 بنام مدعا علیہ۔ ہرگاہ کہ مدعی نے آپ کے خلاف دعویٰ دائر کیا ہے لہٰذا آپ کو ہدایت کی جاتی ہے کہ مقررہ تاریخ پر بوقت صبح 8:30 بجے عدالت میں حاضر ہوں بصورت دیگر کارروائی یکطرفہ عمل میں لائی جائے گی۔ Suit for Declaration, Possession, Mandatory and Permanent Injunction
بعدالت جناب سول جج و جوڈیشل مجسٹریٹ۔ مقدمہ نمبر 2026 بعنوان مدعی بنام مدعا علیہ۔ ہرگاہ کہ مقدمہ ہذا میں سمن کی تعمیل عام طریقے سے نہ ہو سکی لہٰذا بذریعہ اشتہار اطلاع دی جاتی ہے کہ مقررہ تاریخ پر حاضر ہوں۔
AHA
بعدالت جناب فیملی جج صاحب۔ درخواست برائے اجراء سرٹیفکیٹ۔ عام اطلاع دی جاتی ہے کہ درخواست گزار نے عدالت میں درخواست دائر کی ہے اگر کسی کو اعتراض ہو تو مقررہ تاریخ پر حاضر ہو کر اپنا اعتراض پیش کرے۔ تاریخ سماعت 2026
